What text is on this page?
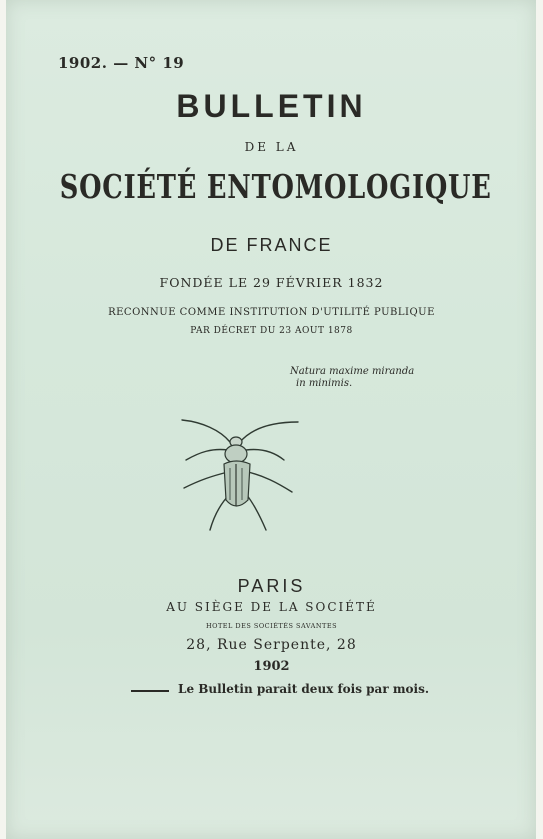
1902. — N° 19
BULLETIN
DE LA
SOCIÉTÉ ENTOMOLOGIQUE
DE FRANCE
FONDÉE LE 29 FÉVRIER 1832
RECONNUE COMME INSTITUTION D'UTILITÉ PUBLIQUE
PAR DÉCRET DU 23 AOUT 1878
Natura maxime miranda
in minimis.
PARIS
AU SIÈGE DE LA SOCIÉTÉ
HOTEL DES SOCIÉTÉS SAVANTES
28, Rue Serpente, 28
1902
Le Bulletin parait deux fois par mois.
